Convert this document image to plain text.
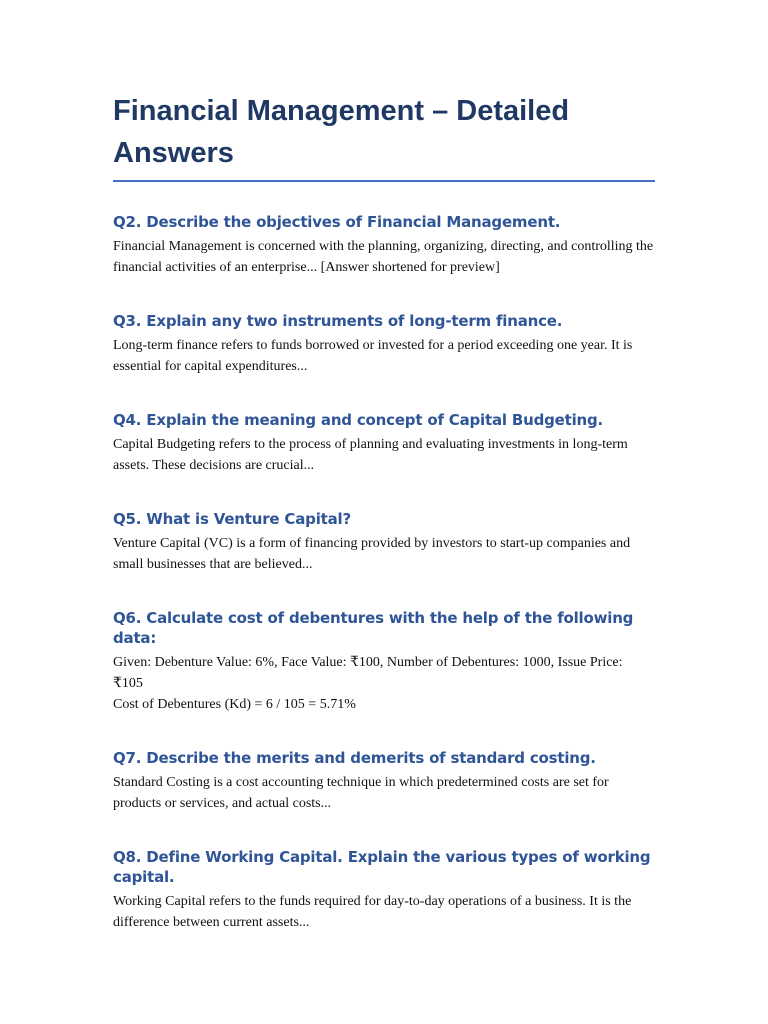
Financial Management – Detailed Answers

Q2. Describe the objectives of Financial Management.

Financial Management is concerned with the planning, organizing, directing, and controlling the financial activities of an enterprise... [Answer shortened for preview]

Q3. Explain any two instruments of long-term finance.

Long-term finance refers to funds borrowed or invested for a period exceeding one year. It is essential for capital expenditures...

Q4. Explain the meaning and concept of Capital Budgeting.

Capital Budgeting refers to the process of planning and evaluating investments in long-term assets. These decisions are crucial...

Q5. What is Venture Capital?

Venture Capital (VC) is a form of financing provided by investors to start-up companies and small businesses that are believed...

Q6. Calculate cost of debentures with the help of the following data:

Given: Debenture Value: 6%, Face Value: ₹100, Number of Debentures: 1000, Issue Price: ₹105
Cost of Debentures (Kd) = 6 / 105 = 5.71%

Q7. Describe the merits and demerits of standard costing.

Standard Costing is a cost accounting technique in which predetermined costs are set for products or services, and actual costs...

Q8. Define Working Capital. Explain the various types of working capital.

Working Capital refers to the funds required for day-to-day operations of a business. It is the difference between current assets...
